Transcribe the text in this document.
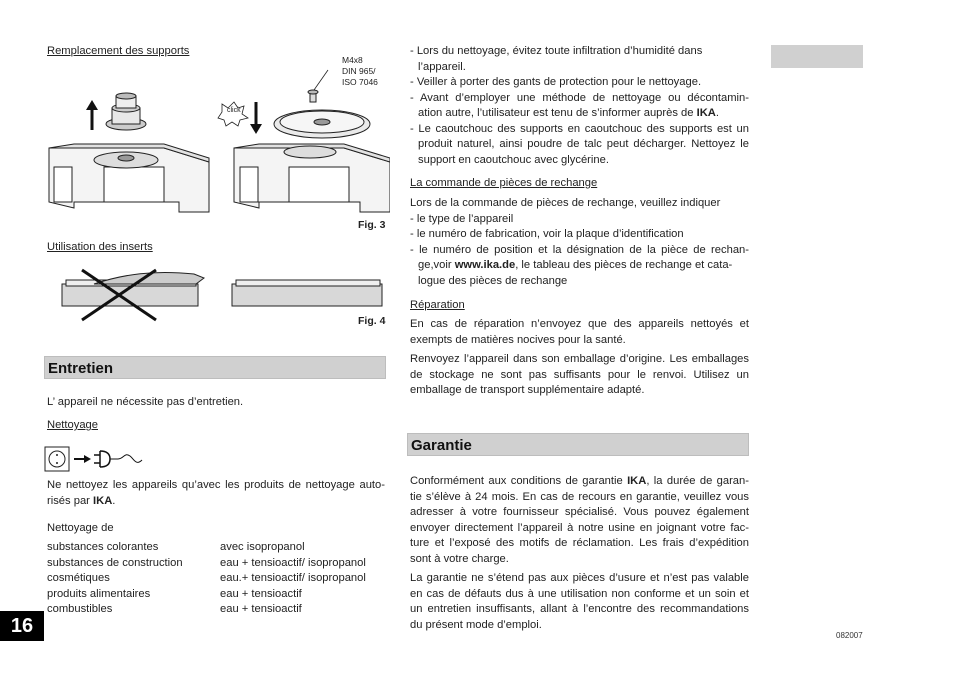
Remplacement des supports
click
M4x8
DIN 965/
ISO 7046
Fig. 3
Utilisation des inserts
Fig. 4
Entretien
L’ appareil ne nécessite pas d’entretien.
Nettoyage
Ne nettoyez les appareils qu’avec les produits de nettoyage auto-
risés par IKA.
Nettoyage de
substances colorantes	avec isopropanol
substances de construction	eau + tensioactif/ isopropanol
cosmétiques	eau.+ tensioactif/ isopropanol
produits alimentaires	eau + tensioactif
combustibles	eau + tensioactif
16
- Lors du nettoyage, évitez toute infiltration d’humidité dans
l’appareil.
- Veiller à porter des gants de protection pour le nettoyage.
- Avant d’employer une méthode de nettoyage ou décontamin-
ation autre, l’utilisateur est tenu de s’informer auprès de IKA.
- Le caoutchouc des supports en caoutchouc des supports est un
produit naturel, ainsi poudre de talc peut décharger. Nettoyez le
support en caoutchouc avec glycérine.
La commande de pièces de rechange
Lors de la commande de pièces de rechange, veuillez indiquer
- le type de l’appareil
- le numéro de fabrication, voir la plaque d’identification
- le numéro de position et la désignation de la pièce de rechan-
ge,voir www.ika.de, le tableau des pièces de rechange et cata-
logue des pièces de rechange
Réparation
En cas de réparation n’envoyez que des appareils nettoyés et
exempts de matières nocives pour la santé.
Renvoyez l’appareil dans son emballage d’origine. Les emballages
de stockage ne sont pas suffisants pour le renvoi. Utilisez un
emballage de transport supplémentaire adapté.
Garantie
Conformément aux conditions de garantie IKA, la durée de garan-
tie s’élève à 24 mois. En cas de recours en garantie, veuillez vous
adresser à votre fournisseur spécialisé. Vous pouvez également
envoyer directement l’appareil à notre usine en joignant votre fac-
ture et l’exposé des motifs de réclamation. Les frais d’expédition
sont à votre charge.
La garantie ne s’étend pas aux pièces d’usure et n’est pas valable
en cas de défauts dus à une utilisation non conforme et un soin et
un entretien insuffisants, allant à l’encontre des recommandations
du présent mode d’emploi.
082007
